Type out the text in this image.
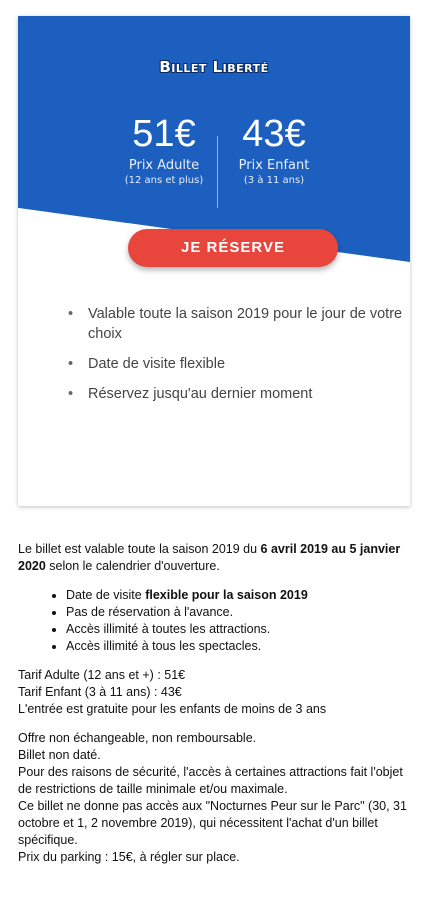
Billet Liberté
51€
Prix Adulte
(12 ans et plus)
43€
Prix Enfant
(3 à 11 ans)
JE RÉSERVE
• Valable toute la saison 2019 pour le jour de votre choix
• Date de visite flexible
• Réservez jusqu'au dernier moment

Le billet est valable toute la saison 2019 du 6 avril 2019 au 5 janvier 2020 selon le calendrier d'ouverture.

• Date de visite flexible pour la saison 2019
• Pas de réservation à l'avance.
• Accès illimité à toutes les attractions.
• Accès illimité à tous les spectacles.

Tarif Adulte (12 ans et +) : 51€

Tarif Enfant (3 à 11 ans) : 43€

L'entrée est gratuite pour les enfants de moins de 3 ans

Offre non échangeable, non remboursable.

Billet non daté.

Pour des raisons de sécurité, l'accès à certaines attractions fait l'objet de restrictions de taille minimale et/ou maximale.

Ce billet ne donne pas accès aux "Nocturnes Peur sur le Parc" (30, 31 octobre et 1, 2 novembre 2019), qui nécessitent l'achat d'un billet spécifique.

Prix du parking : 15€, à régler sur place.
